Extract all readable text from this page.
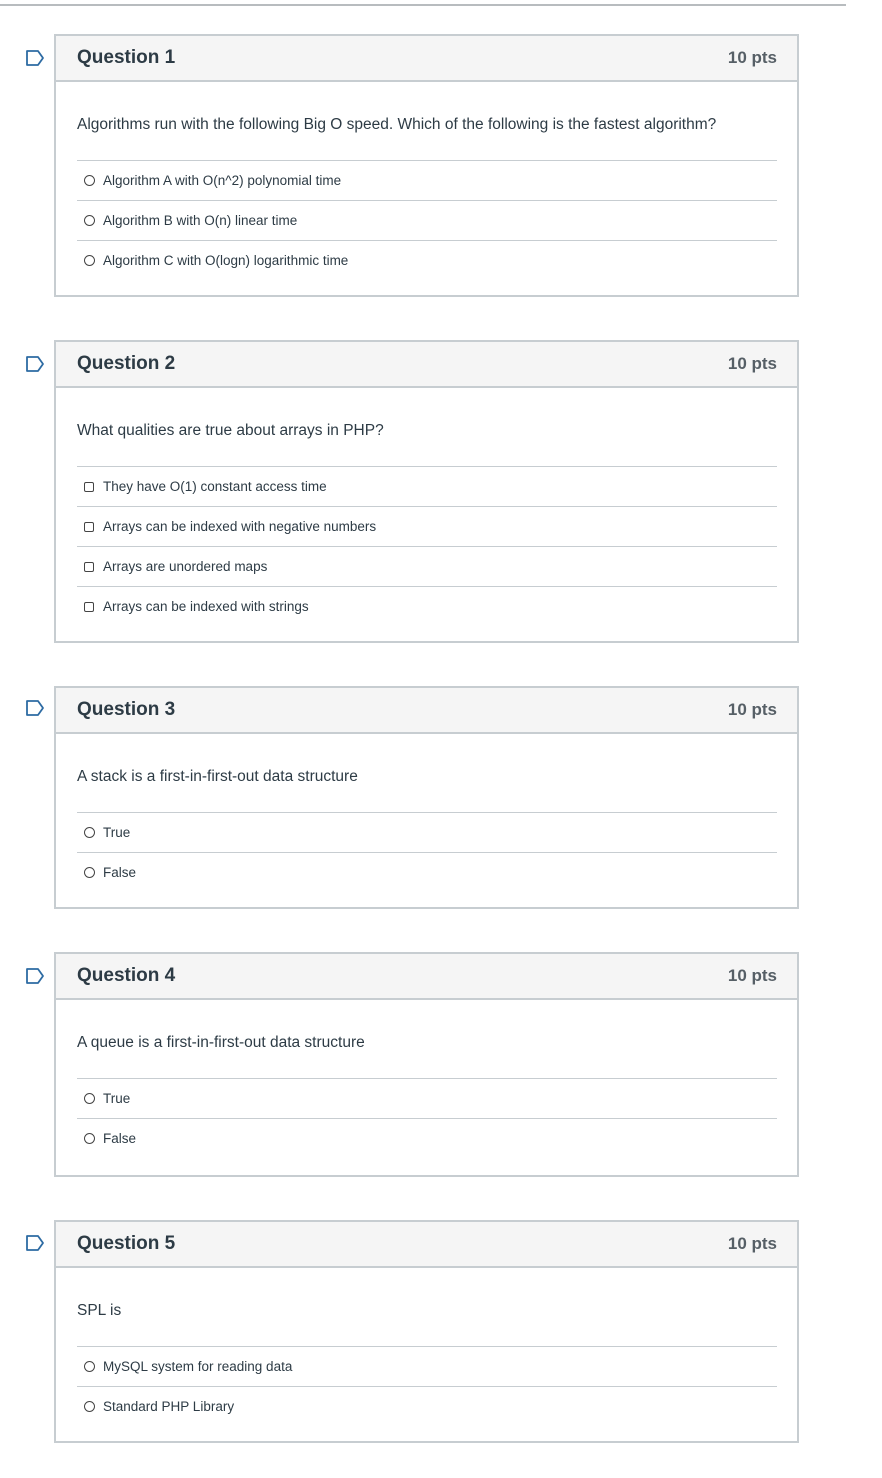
Question 1	10 pts
Algorithms run with the following Big O speed. Which of the following is the fastest algorithm?
Algorithm A with O(n^2) polynomial time
Algorithm B with O(n) linear time
Algorithm C with O(logn) logarithmic time
Question 2	10 pts
What qualities are true about arrays in PHP?
They have O(1) constant access time
Arrays can be indexed with negative numbers
Arrays are unordered maps
Arrays can be indexed with strings
Question 3	10 pts
A stack is a first-in-first-out data structure
True
False
Question 4	10 pts
A queue is a first-in-first-out data structure
True
False
Question 5	10 pts
SPL is
MySQL system for reading data
Standard PHP Library
